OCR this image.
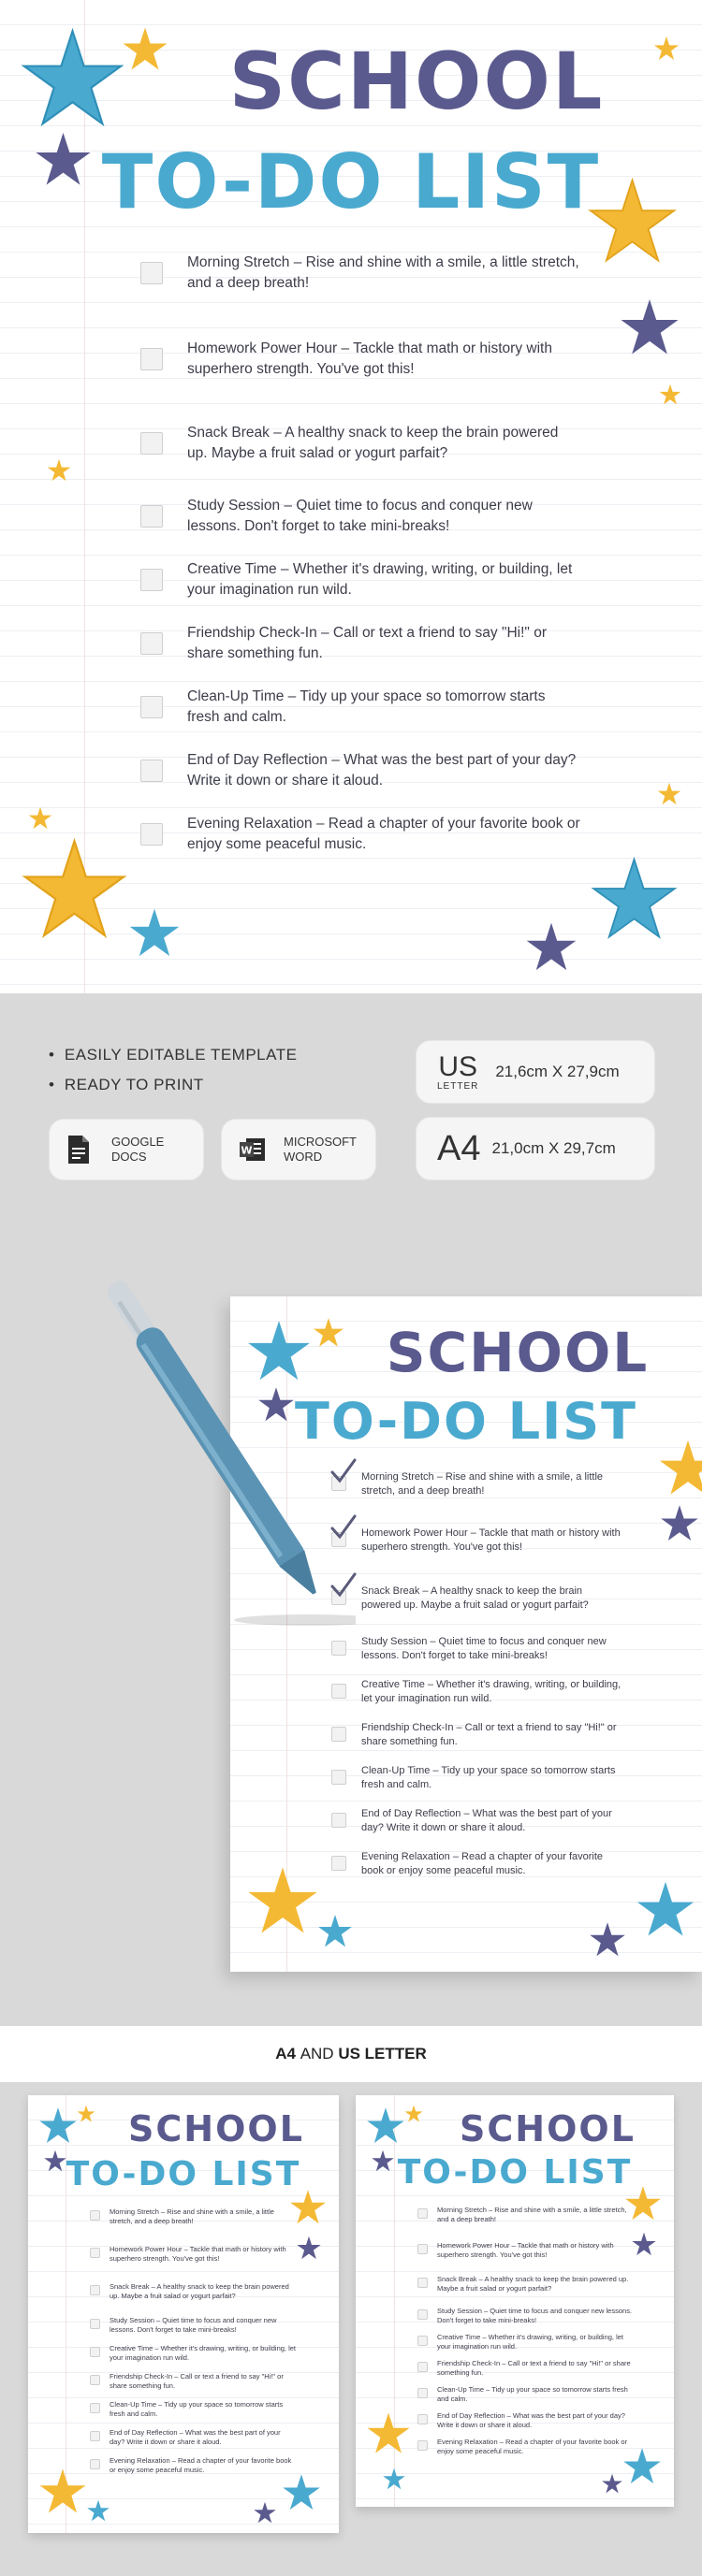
SCHOOL
TO-DO LIST
Morning Stretch – Rise and shine with a smile, a little stretch, and a deep breath!
Homework Power Hour – Tackle that math or history with superhero strength. You've got this!
Snack Break – A healthy snack to keep the brain powered up. Maybe a fruit salad or yogurt parfait?
Study Session – Quiet time to focus and conquer new lessons. Don't forget to take mini-breaks!
Creative Time – Whether it's drawing, writing, or building, let your imagination run wild.
Friendship Check-In – Call or text a friend to say "Hi!" or share something fun.
Clean-Up Time – Tidy up your space so tomorrow starts fresh and calm.
End of Day Reflection – What was the best part of your day? Write it down or share it aloud.
Evening Relaxation – Read a chapter of your favorite book or enjoy some peaceful music.
•  EASILY EDITABLE TEMPLATE
•  READY TO PRINT
GOOGLE
DOCS	W
MICROSOFT
WORD
US
LETTER
21,6cm X 27,9cm
A4 21,0cm X 29,7cm
SCHOOL
TO-DO LIST
Morning Stretch – Rise and shine with a smile, a little stretch, and a deep breath!
Homework Power Hour – Tackle that math or history with superhero strength. You've got this!
Snack Break – A healthy snack to keep the brain powered up. Maybe a fruit salad or yogurt parfait?
Study Session – Quiet time to focus and conquer new lessons. Don't forget to take mini-breaks!
Creative Time – Whether it's drawing, writing, or building, let your imagination run wild.
Friendship Check-In – Call or text a friend to say "Hi!" or share something fun.
Clean-Up Time – Tidy up your space so tomorrow starts fresh and calm.
End of Day Reflection – What was the best part of your day? Write it down or share it aloud.
Evening Relaxation – Read a chapter of your favorite book or enjoy some peaceful music.
A4 AND US LETTER
SCHOOL
TO-DO LIST
Morning Stretch – Rise and shine with a smile, a little stretch, and a deep breath!
Homework Power Hour – Tackle that math or history with superhero strength. You've got this!
Snack Break – A healthy snack to keep the brain powered up. Maybe a fruit salad or yogurt parfait?
Study Session – Quiet time to focus and conquer new lessons. Don't forget to take mini-breaks!
Creative Time – Whether it's drawing, writing, or building, let your imagination run wild.
Friendship Check-In – Call or text a friend to say "Hi!" or share something fun.
Clean-Up Time – Tidy up your space so tomorrow starts fresh and calm.
End of Day Reflection – What was the best part of your day? Write it down or share it aloud.
Evening Relaxation – Read a chapter of your favorite book or enjoy some peaceful music.
SCHOOL
TO-DO LIST
Morning Stretch – Rise and shine with a smile, a little stretch, and a deep breath!
Homework Power Hour – Tackle that math or history with superhero strength. You've got this!
Snack Break – A healthy snack to keep the brain powered up. Maybe a fruit salad or yogurt parfait?
Study Session – Quiet time to focus and conquer new lessons. Don't forget to take mini-breaks!
Creative Time – Whether it's drawing, writing, or building, let your imagination run wild.
Friendship Check-In – Call or text a friend to say "Hi!" or share something fun.
Clean-Up Time – Tidy up your space so tomorrow starts fresh and calm.
End of Day Reflection – What was the best part of your day? Write it down or share it aloud.
Evening Relaxation – Read a chapter of your favorite book or enjoy some peaceful music.
